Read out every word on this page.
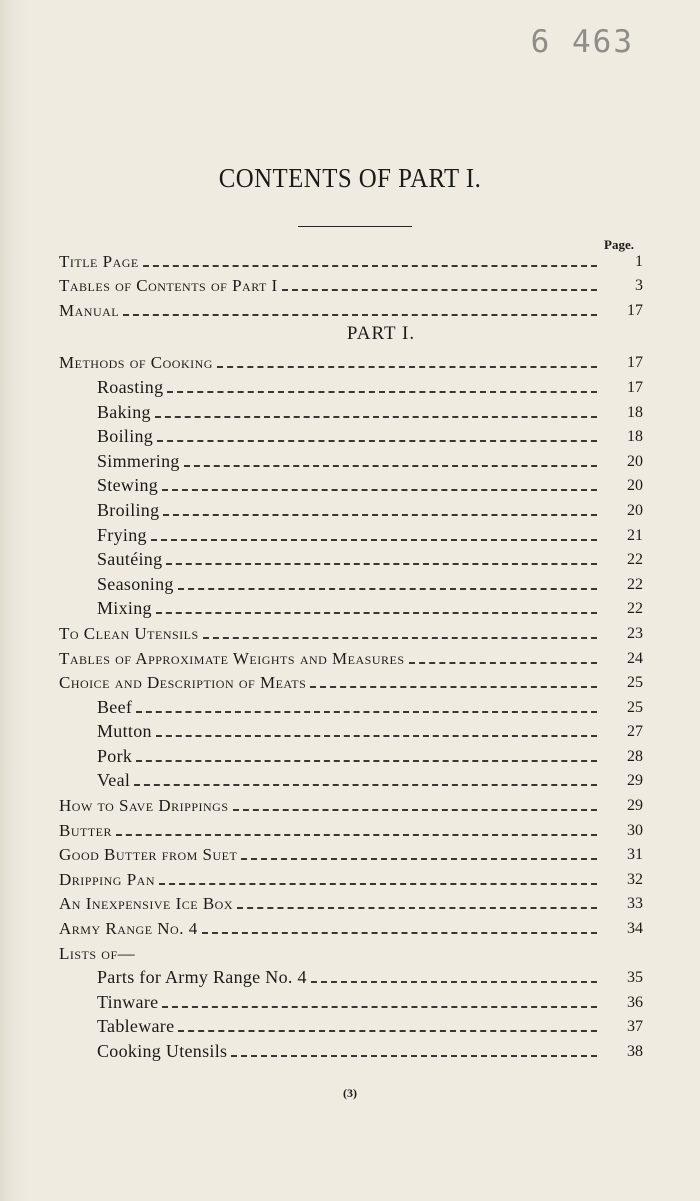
6 463
CONTENTS OF PART I.
Page.
Title Page	1
Tables of Contents of Part I	3
Manual	17
PART I.
Methods of Cooking	17
Roasting	17
Baking	18
Boiling	18
Simmering	20
Stewing	20
Broiling	20
Frying	21
Sautéing	22
Seasoning	22
Mixing	22
To Clean Utensils	23
Tables of Approximate Weights and Measures	24
Choice and Description of Meats	25
Beef	25
Mutton	27
Pork	28
Veal	29
How to Save Drippings	29
Butter	30
Good Butter from Suet	31
Dripping Pan	32
An Inexpensive Ice Box	33
Army Range No. 4	34
Lists of—
Parts for Army Range No. 4	35
Tinware	36
Tableware	37
Cooking Utensils	38
(3)
